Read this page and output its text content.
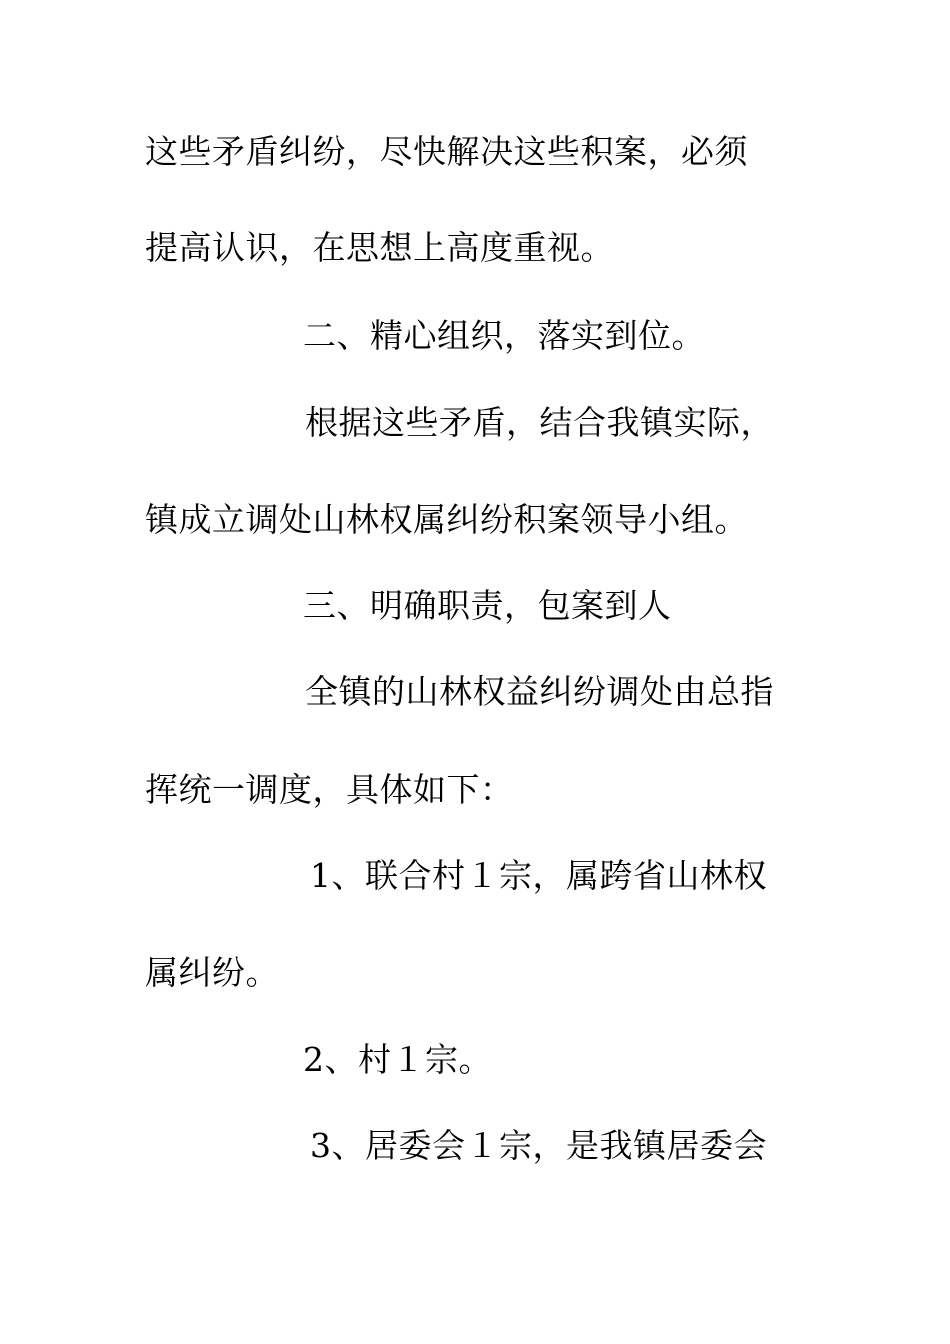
这些矛盾纠纷，尽快解决这些积案，必须
提高认识，在思想上高度重视。
二、精心组织，落实到位。
根据这些矛盾，结合我镇实际，
镇成立调处山林权属纠纷积案领导小组。
三、明确职责，包案到人
全镇的山林权益纠纷调处由总指
挥统一调度，具体如下：
1、联合村１宗，属跨省山林权
属纠纷。
2、村１宗。
3、居委会１宗，是我镇居委会
